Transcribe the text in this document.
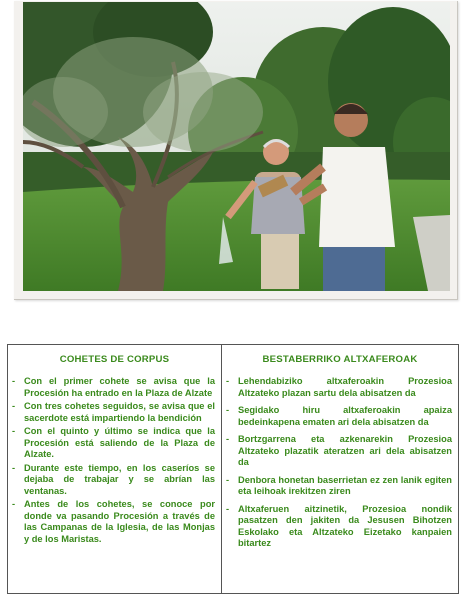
COHETES DE CORPUS
- Con el primer cohete se avisa que la Procesión ha entrado en la Plaza de Alzate
- Con tres cohetes seguidos, se avisa que el sacerdote está impartiendo la bendición
- Con el quinto y último se indica que la Procesión está saliendo de la Plaza de Alzate.
- Durante este tiempo, en los caseríos se dejaba de trabajar y se abrían las ventanas.
- Antes de los cohetes, se conoce por donde va pasando Procesión a través de las Campanas de la Iglesia, de las Monjas y de los Maristas.
BESTABERRIKO ALTXAFEROAK
- Lehendabiziko altxaferoakin Prozesioa Altzateko plazan sartu dela abisatzen da
- Segidako hiru altxaferoakin apaiza bedeinkapena ematen ari dela abisatzen da
- Bortzgarrena eta azkenarekin Prozesioa Altzateko plazatik ateratzen ari dela abisatzen da
- Denbora honetan baserrietan ez zen lanik egiten eta leihoak irekitzen ziren
- Altxaferuen aitzinetik, Prozesioa nondik pasatzen den jakiten da Jesusen Bihotzen Eskolako eta Altzateko Eizetako kanpaien bitartez
